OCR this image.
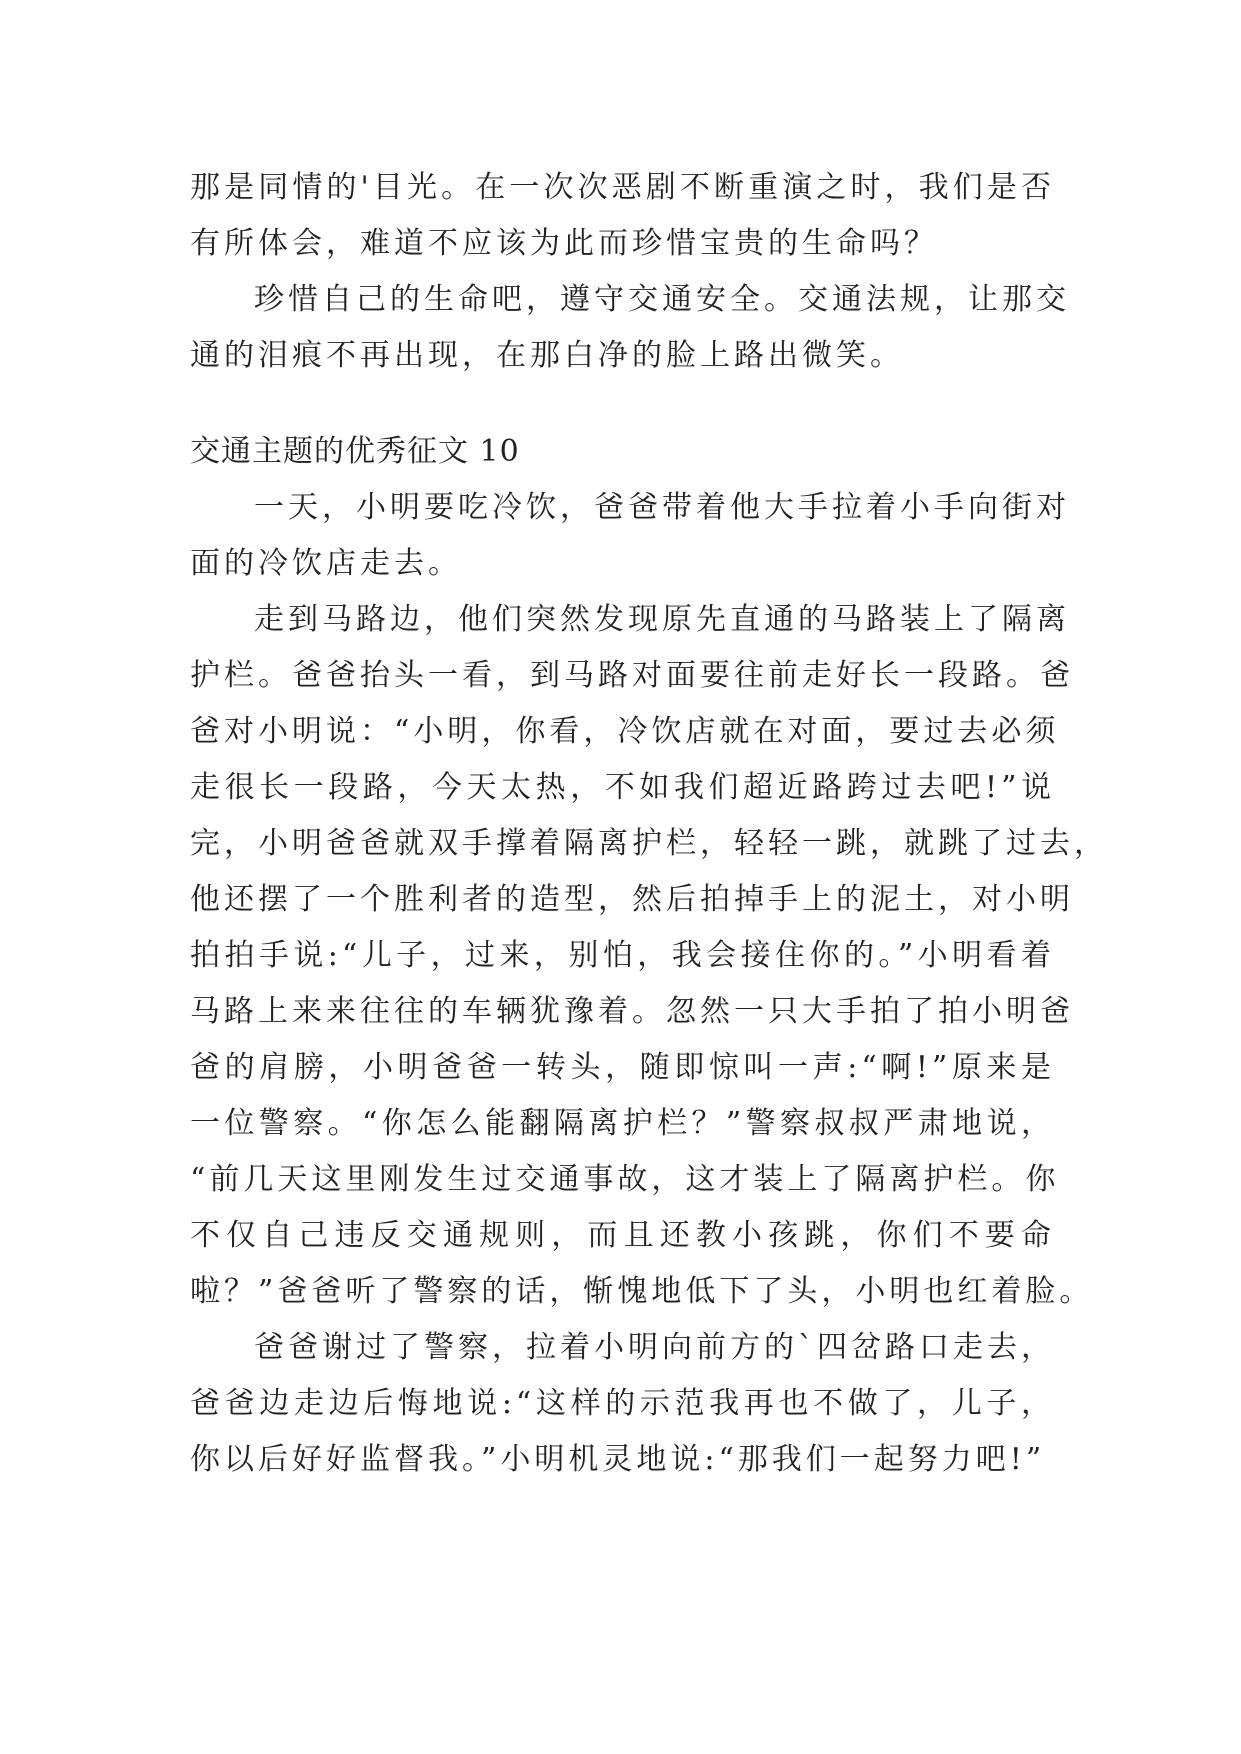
那是同情的'目光。在一次次恶剧不断重演之时，我们是否
有所体会，难道不应该为此而珍惜宝贵的生命吗？
珍惜自己的生命吧，遵守交通安全。交通法规，让那交
通的泪痕不再出现，在那白净的脸上路出微笑。
交通主题的优秀征文 10
一天，小明要吃冷饮，爸爸带着他大手拉着小手向街对
面的冷饮店走去。
走到马路边，他们突然发现原先直通的马路装上了隔离
护栏。爸爸抬头一看，到马路对面要往前走好长一段路。爸
爸对小明说：“小明，你看，冷饮店就在对面，要过去必须
走很长一段路，今天太热，不如我们超近路跨过去吧!”说
完，小明爸爸就双手撑着隔离护栏，轻轻一跳，就跳了过去，
他还摆了一个胜利者的造型，然后拍掉手上的泥土，对小明
拍拍手说:“儿子，过来，别怕，我会接住你的。”小明看着
马路上来来往往的车辆犹豫着。忽然一只大手拍了拍小明爸
爸的肩膀，小明爸爸一转头，随即惊叫一声:“啊!”原来是
一位警察。“你怎么能翻隔离护栏？”警察叔叔严肃地说，
“前几天这里刚发生过交通事故，这才装上了隔离护栏。你
不仅自己违反交通规则，而且还教小孩跳，你们不要命
啦？”爸爸听了警察的话，惭愧地低下了头，小明也红着脸。
爸爸谢过了警察，拉着小明向前方的`四岔路口走去，
爸爸边走边后悔地说:“这样的示范我再也不做了，儿子，
你以后好好监督我。”小明机灵地说:“那我们一起努力吧!”
